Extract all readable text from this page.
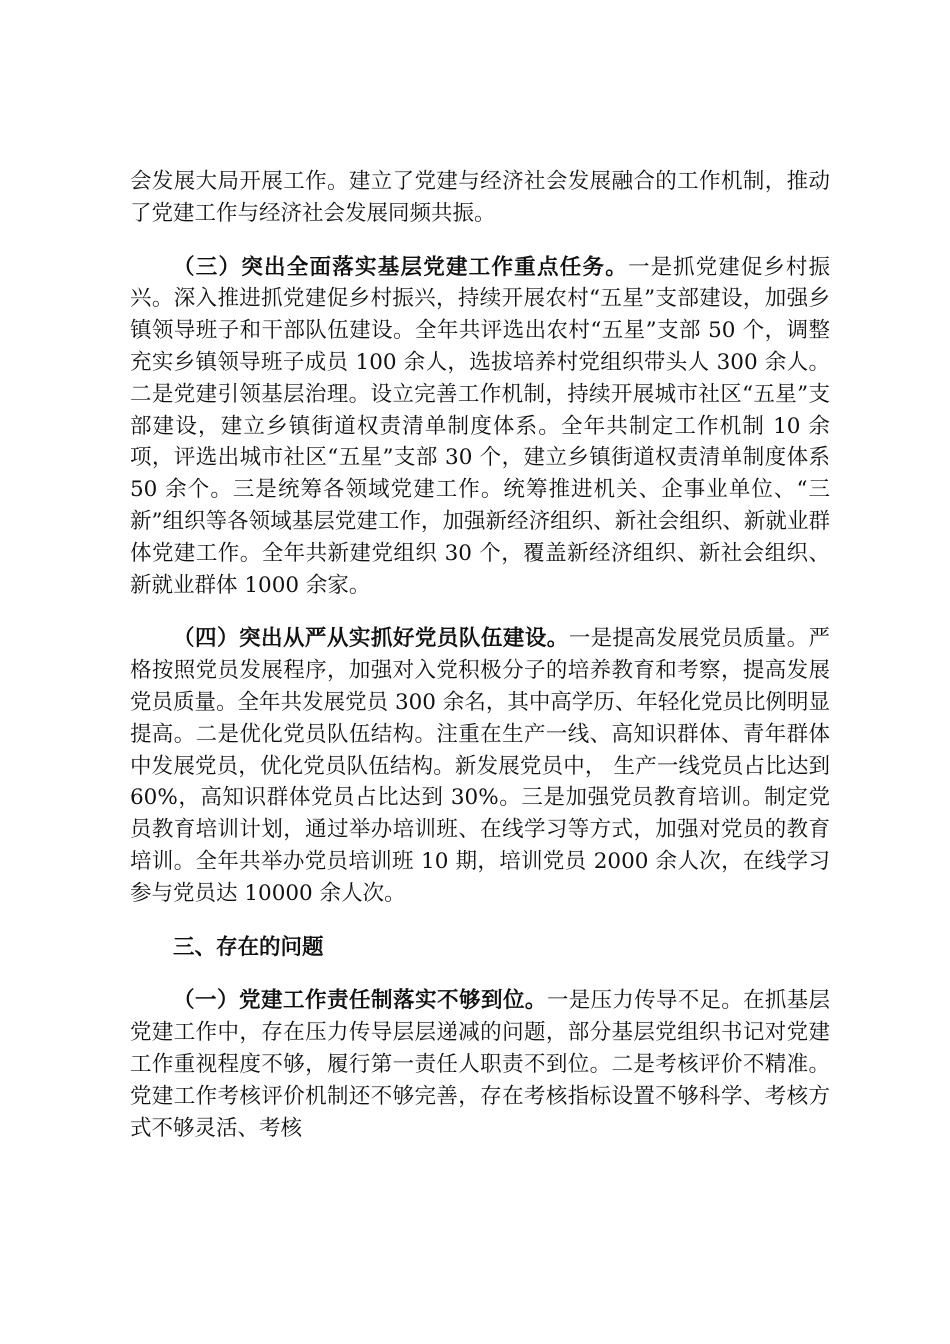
会发展大局开展工作。建立了党建与经济社会发展融合的工作机制，推动了党建工作与经济社会发展同频共振。

（三）突出全面落实基层党建工作重点任务。一是抓党建促乡村振兴。深入推进抓党建促乡村振兴，持续开展农村“五星”支部建设，加强乡镇领导班子和干部队伍建设。全年共评选出农村“五星”支部 50 个，调整充实乡镇领导班子成员 100 余人，选拔培养村党组织带头人 300 余人。二是党建引领基层治理。设立完善工作机制，持续开展城市社区“五星”支部建设，建立乡镇街道权责清单制度体系。全年共制定工作机制 10 余项，评选出城市社区“五星”支部 30 个，建立乡镇街道权责清单制度体系 50 余个。三是统筹各领域党建工作。统筹推进机关、企事业单位、“三新”组织等各领域基层党建工作，加强新经济组织、新社会组织、新就业群体党建工作。全年共新建党组织 30 个，覆盖新经济组织、新社会组织、新就业群体 1000 余家。

（四）突出从严从实抓好党员队伍建设。一是提高发展党员质量。严格按照党员发展程序，加强对入党积极分子的培养教育和考察，提高发展党员质量。全年共发展党员 300 余名，其中高学历、年轻化党员比例明显提高。二是优化党员队伍结构。注重在生产一线、高知识群体、青年群体中发展党员，优化党员队伍结构。新发展党员中， 生产一线党员占比达到 60%，高知识群体党员占比达到 30%。三是加强党员教育培训。制定党员教育培训计划，通过举办培训班、在线学习等方式，加强对党员的教育培训。全年共举办党员培训班 10 期，培训党员 2000 余人次，在线学习参与党员达 10000 余人次。

三、存在的问题

（一）党建工作责任制落实不够到位。一是压力传导不足。在抓基层党建工作中，存在压力传导层层递减的问题，部分基层党组织书记对党建工作重视程度不够，履行第一责任人职责不到位。二是考核评价不精准。党建工作考核评价机制还不够完善，存在考核指标设置不够科学、考核方式不够灵活、考核
